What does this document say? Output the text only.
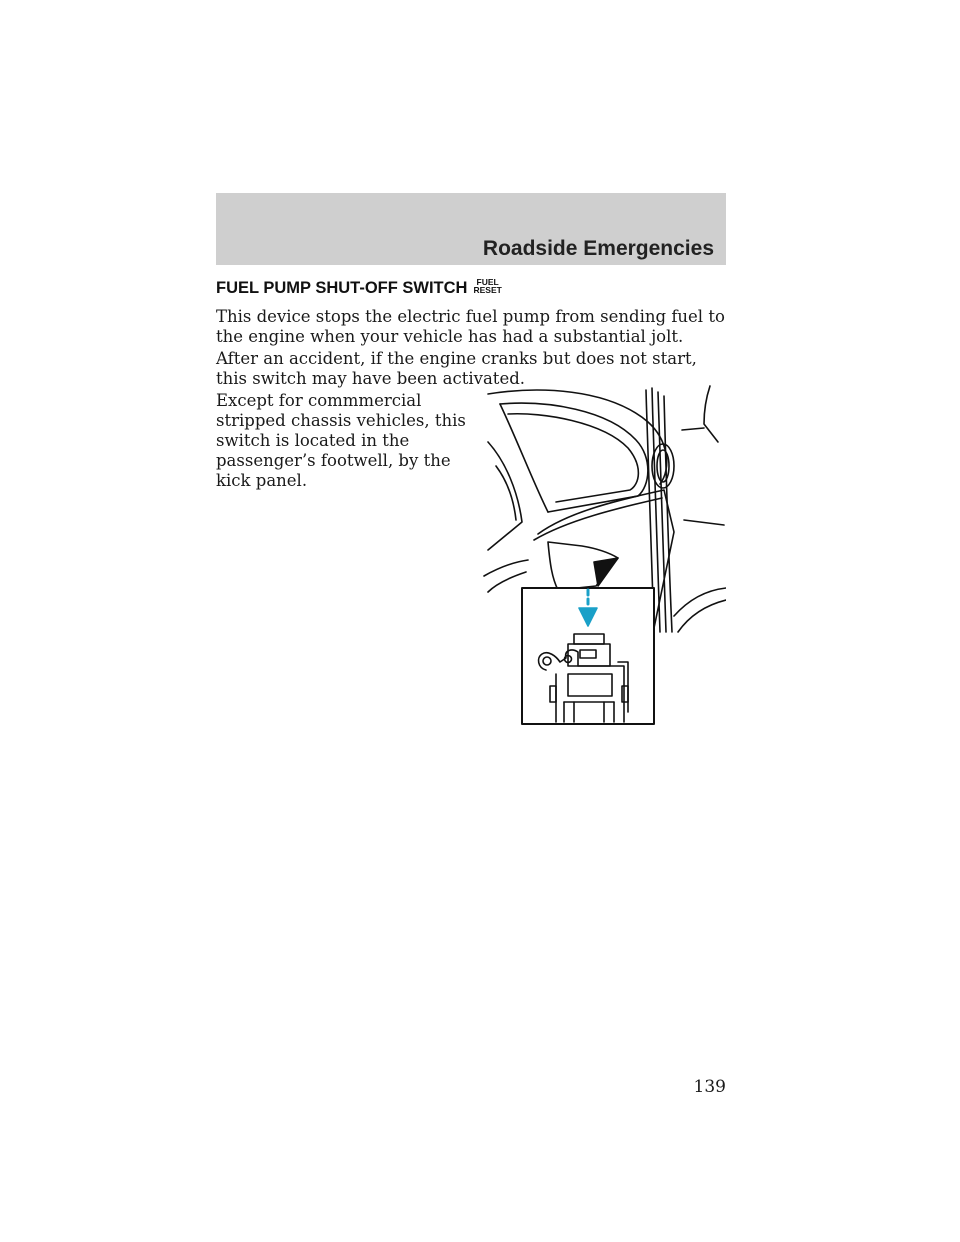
Roadside Emergencies
FUEL PUMP SHUT-OFF SWITCH	FUEL
RESET

This device stops the electric fuel pump from sending fuel to the engine when your vehicle has had a substantial jolt.

After an accident, if the engine cranks but does not start, this switch may have been activated.

Except for commmercial stripped chassis vehicles, this switch is located in the passenger’s footwell, by the kick panel.

139
